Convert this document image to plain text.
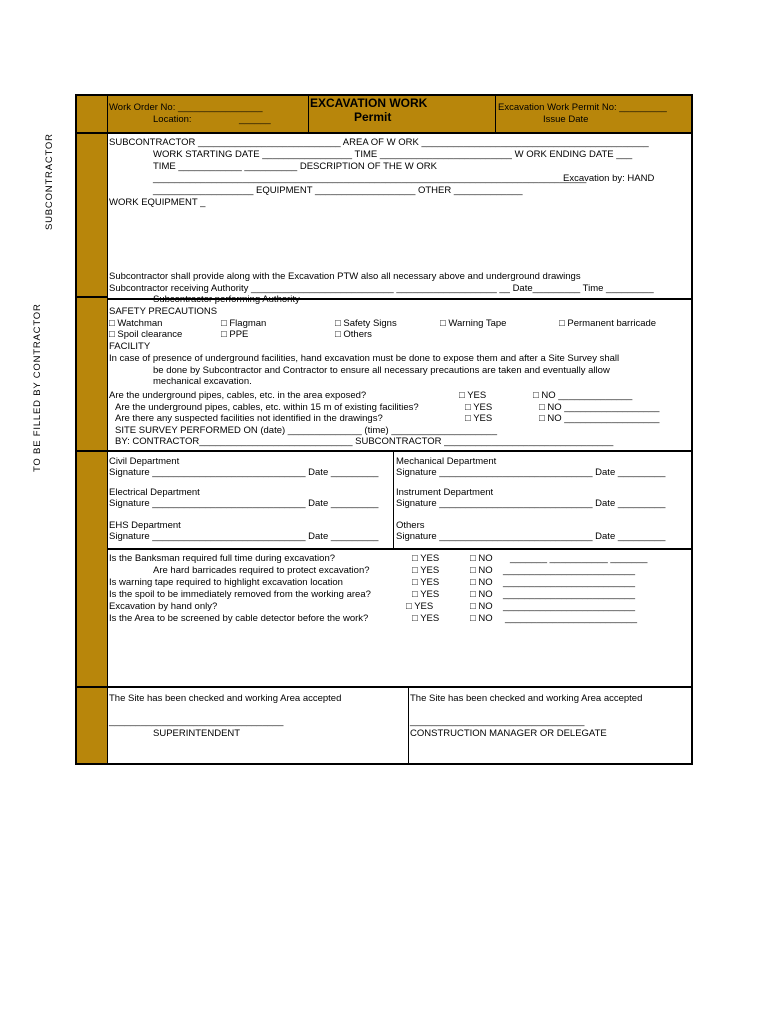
SUBCONTRACTOR
TO BE FILLED BY CONTRACTOR
Work Order No: ________________
Location:	______
EXCAVATION WORK
Permit
Excavation Work Permit No: _________
Issue Date
SUBCONTRACTOR ___________________________ AREA OF W ORK ___________________________________________
WORK STARTING DATE _________________ TIME _________________________ W ORK ENDING DATE ___
TIME ____________ __________ DESCRIPTION OF THE W ORK
__________________________________________________________________________________
Excavation by: HAND
___________________ EQUIPMENT ___________________ OTHER _____________
WORK EQUIPMENT _
Subcontractor shall provide along with the Excavation PTW also all necessary above and underground drawings
Subcontractor receiving Authority ___________________________ ___________________ __ Date_________ Time _________
Subcontractor performing Authority
SAFETY PRECAUTIONS
□ Watchman	□ Flagman	□ Safety Signs	□ Warning Tape	□ Permanent barricade
□ Spoil clearance	□ PPE	□ Others
FACILITY
In case of presence of underground facilities, hand excavation must be done to expose them and after a Site Survey shall
be done by Subcontractor and Contractor to ensure all necessary precautions are taken and eventually allow
mechanical excavation.
Are the underground pipes, cables, etc. in the area exposed?	□ YES	□ NO ______________
Are the underground pipes, cables, etc. within 15 m of existing facilities?	□ YES	□ NO __________________
Are there any suspected facilities not identified in the drawings?	□ YES	□ NO __________________
SITE SURVEY PERFORMED ON (date) ______________ (time) ____________________
BY: CONTRACTOR_____________________________ SUBCONTRACTOR ________________________________
Civil Department
Signature _____________________________ Date _________
Mechanical Department
Signature _____________________________ Date _________
Electrical Department
Signature _____________________________ Date _________
Instrument Department
Signature _____________________________ Date _________
EHS Department
Signature _____________________________ Date _________
Others
Signature _____________________________ Date _________
Is the Banksman required full time during excavation?	□ YES	□ NO _______ ___________ _______
Are hard barricades required to protect excavation?	□ YES	□ NO _________________________
Is warning tape required to highlight excavation location	□ YES	□ NO _________________________
Is the spoil to be immediately removed from the working area?	□ YES	□ NO _________________________
Excavation by hand only?	□ YES	□ NO _________________________
Is the Area to be screened by cable detector before the work?	□ YES	□ NO _________________________
The Site has been checked and working Area accepted
_________________________________
SUPERINTENDENT
The Site has been checked and working Area accepted
_________________________________
CONSTRUCTION MANAGER OR DELEGATE
